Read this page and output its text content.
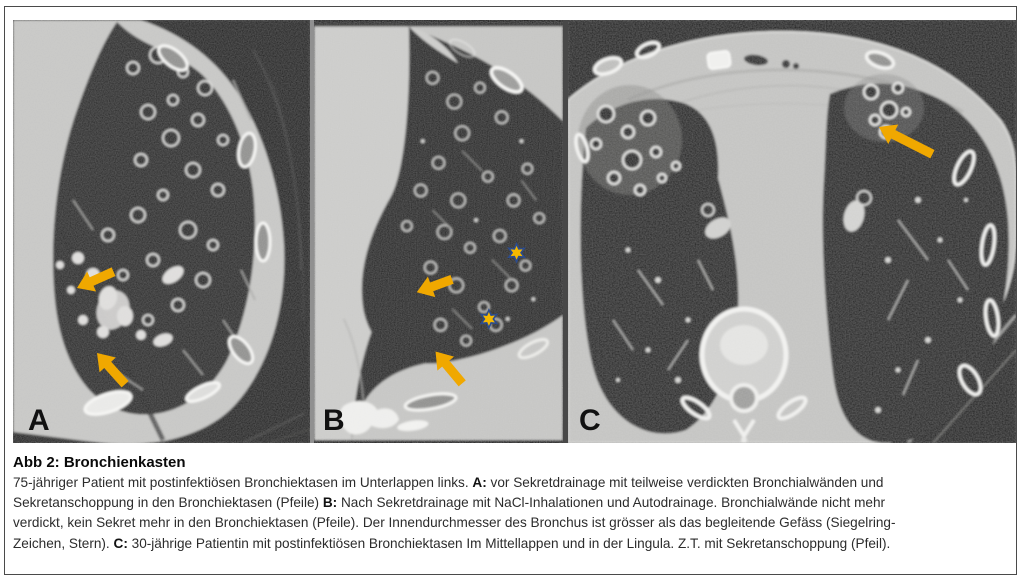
A	B	C
Abb 2: Bronchienkasten
75-jähriger Patient mit postinfektiösen Bronchiektasen im Unterlappen links. A: vor Sekretdrainage mit teilweise verdickten Bronchialwänden und
Sekretanschoppung in den Bronchiektasen (Pfeile) B: Nach Sekretdrainage mit NaCl-Inhalationen und Autodrainage. Bronchialwände nicht mehr
verdickt, kein Sekret mehr in den Bronchiektasen (Pfeile). Der Innendurchmesser des Bronchus ist grösser als das begleitende Gefäss (Siegelring-
Zeichen, Stern). C: 30-jährige Patientin mit postinfektiösen Bronchiektasen Im Mittellappen und in der Lingula. Z.T. mit Sekretanschoppung (Pfeil).
